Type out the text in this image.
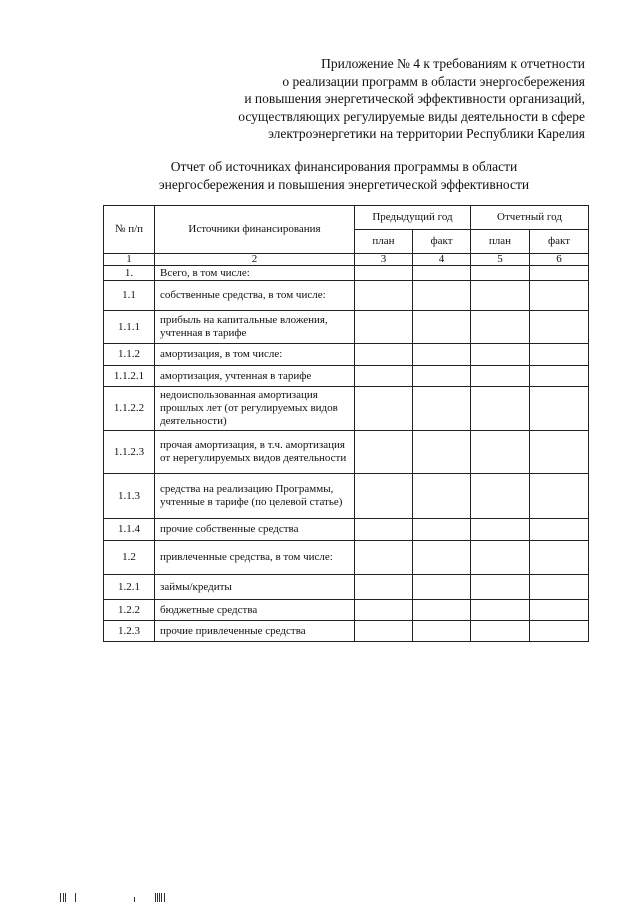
Приложение № 4 к требованиям к отчетности
о реализации программ в области энергосбережения
и повышения энергетической эффективности организаций,
осуществляющих регулируемые виды деятельности в сфере
электроэнергетики на территории Республики Карелия
Отчет об источниках финансирования программы в области
энергосбережения и повышения энергетической эффективности
№ п/п	Источники финансирования	Предыдущий год		Отчетный год	
		план	факт	план	факт
1	2	3	4	5	6
1.	Всего, в том числе:				
1.1	собственные средства, в том числе:				
1.1.1	прибыль на капитальные вложения, учтенная в тарифе				
1.1.2	амортизация, в том числе:				
1.1.2.1	амортизация, учтенная в тарифе				
1.1.2.2	недоиспользованная амортизация прошлых лет (от регулируемых видов деятельности)				
1.1.2.3	прочая амортизация, в т.ч. амортизация от нерегулируемых видов деятельности				
1.1.3	средства на реализацию Программы, учтенные в тарифе (по целевой статье)				
1.1.4	прочие собственные средства				
1.2	привлеченные средства, в том числе:				
1.2.1	займы/кредиты				
1.2.2	бюджетные средства				
1.2.3	прочие привлеченные средства				
